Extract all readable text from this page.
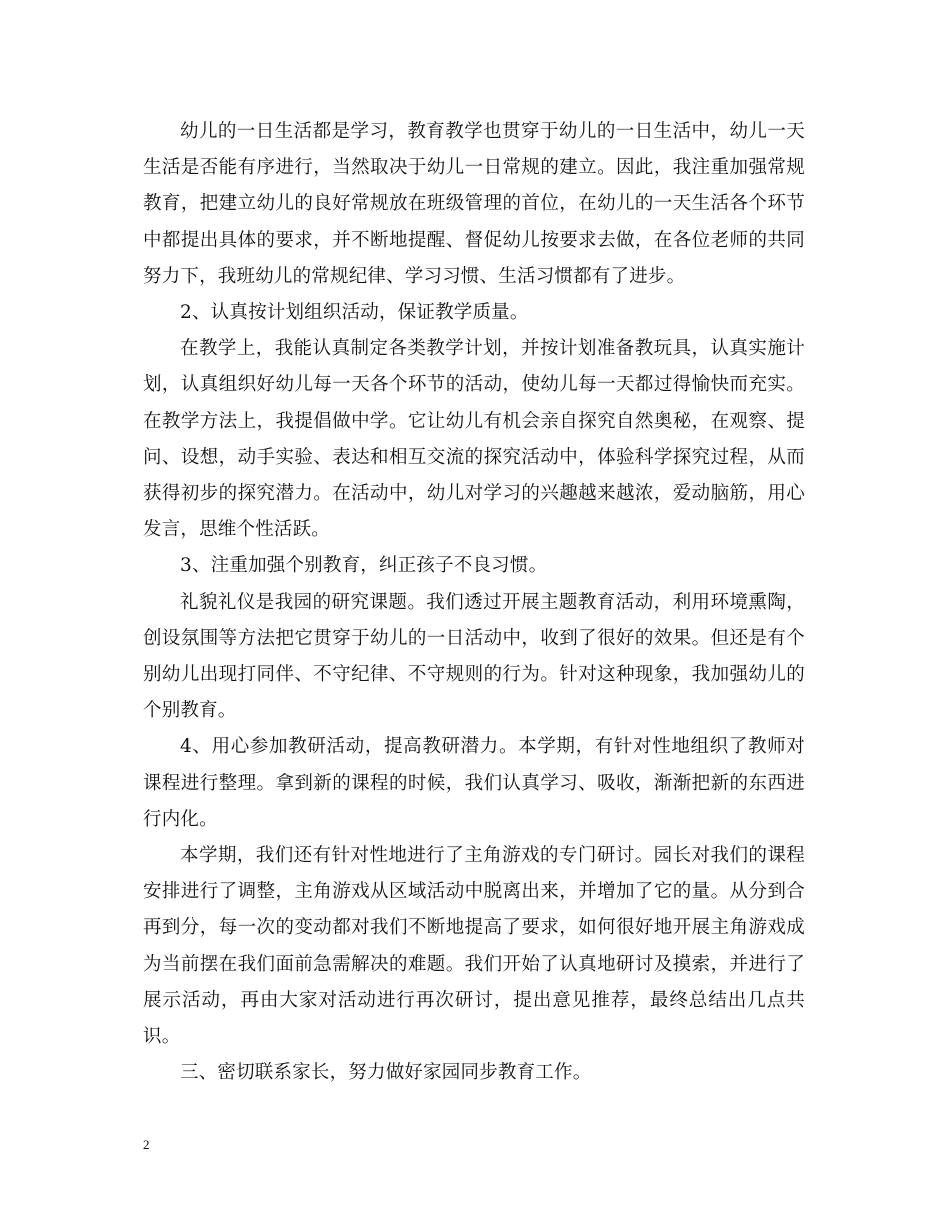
幼儿的一日生活都是学习，教育教学也贯穿于幼儿的一日生活中，幼儿一天生活是否能有序进行，当然取决于幼儿一日常规的建立。因此，我注重加强常规教育，把建立幼儿的良好常规放在班级管理的首位，在幼儿的一天生活各个环节中都提出具体的要求，并不断地提醒、督促幼儿按要求去做，在各位老师的共同努力下，我班幼儿的常规纪律、学习习惯、生活习惯都有了进步。

2、认真按计划组织活动，保证教学质量。

在教学上，我能认真制定各类教学计划，并按计划准备教玩具，认真实施计划，认真组织好幼儿每一天各个环节的活动，使幼儿每一天都过得愉快而充实。在教学方法上，我提倡做中学。它让幼儿有机会亲自探究自然奥秘，在观察、提问、设想，动手实验、表达和相互交流的探究活动中，体验科学探究过程，从而获得初步的探究潜力。在活动中，幼儿对学习的兴趣越来越浓，爱动脑筋，用心发言，思维个性活跃。

3、注重加强个别教育，纠正孩子不良习惯。

礼貌礼仪是我园的研究课题。我们透过开展主题教育活动，利用环境熏陶，创设氛围等方法把它贯穿于幼儿的一日活动中，收到了很好的效果。但还是有个别幼儿出现打同伴、不守纪律、不守规则的行为。针对这种现象，我加强幼儿的个别教育。

4、用心参加教研活动，提高教研潜力。本学期，有针对性地组织了教师对课程进行整理。拿到新的课程的时候，我们认真学习、吸收，渐渐把新的东西进行内化。

本学期，我们还有针对性地进行了主角游戏的专门研讨。园长对我们的课程安排进行了调整，主角游戏从区域活动中脱离出来，并增加了它的量。从分到合再到分，每一次的变动都对我们不断地提高了要求，如何很好地开展主角游戏成为当前摆在我们面前急需解决的难题。我们开始了认真地研讨及摸索，并进行了展示活动，再由大家对活动进行再次研讨，提出意见推荐，最终总结出几点共识。

三、密切联系家长，努力做好家园同步教育工作。

2
